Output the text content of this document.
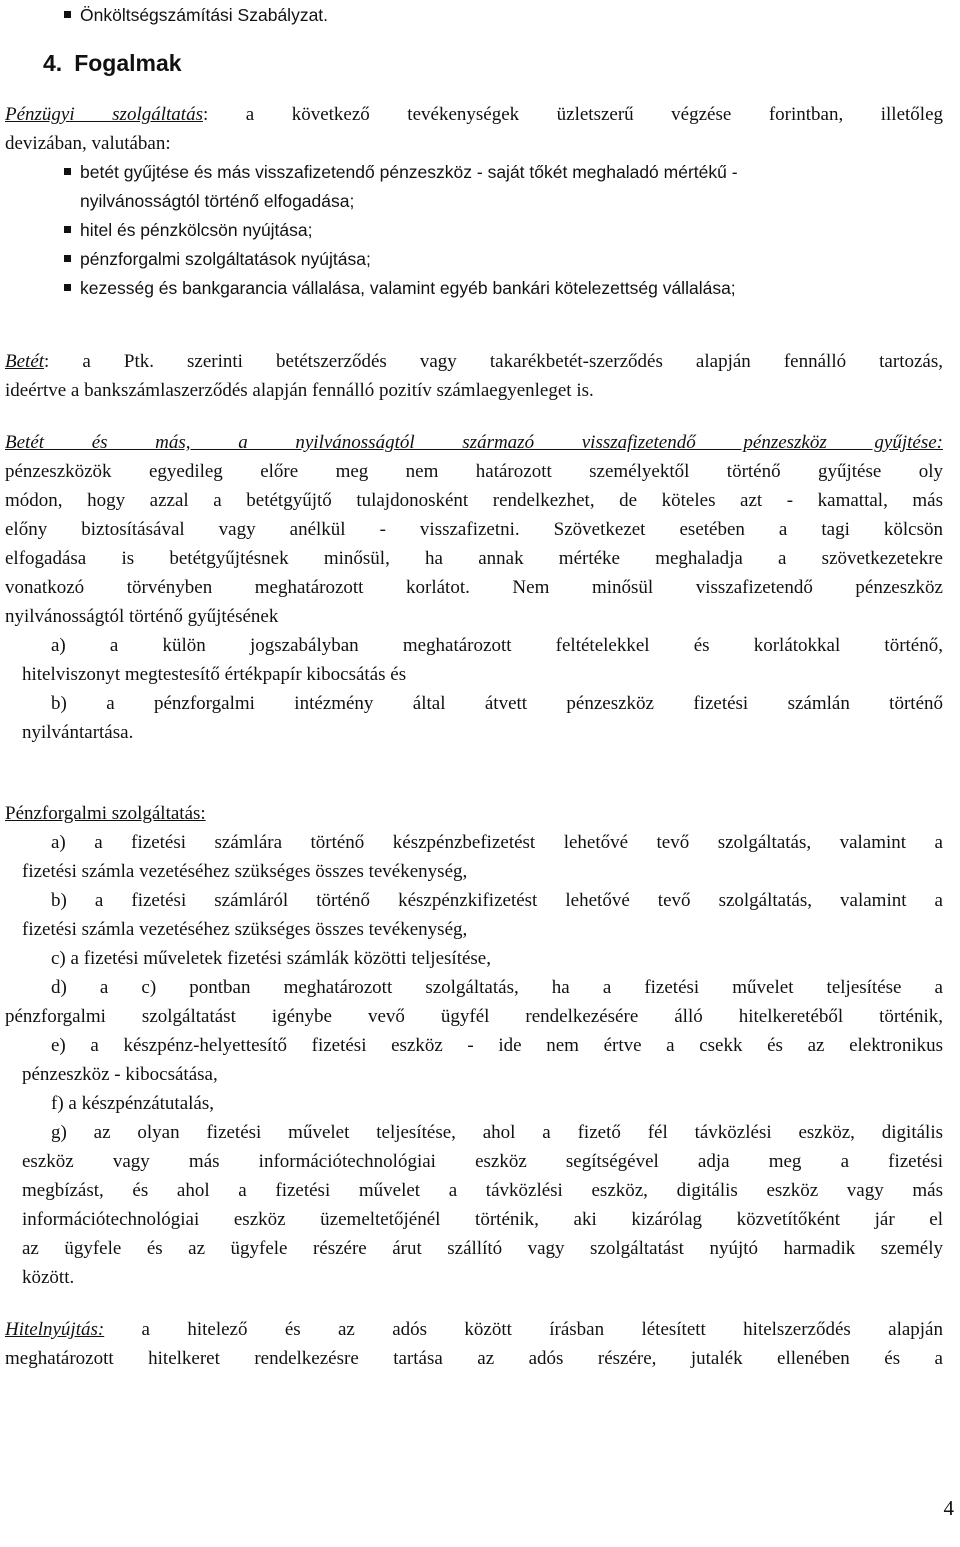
Önköltségszámítási Szabályzat.
4. Fogalmak

Pénzügyi szolgáltatás: a következő tevékenységek üzletszerű végzése forintban, illetőleg

devizában, valutában:

betét gyűjtése és más visszafizetendő pénzeszköz - saját tőkét meghaladó mértékű -
nyilvánosságtól történő elfogadása;
hitel és pénzkölcsön nyújtása;
pénzforgalmi szolgáltatások nyújtása;
kezesség és bankgarancia vállalása, valamint egyéb bankári kötelezettség vállalása;

Betét: a Ptk. szerinti betétszerződés vagy takarékbetét-szerződés alapján fennálló tartozás,

ideértve a bankszámlaszerződés alapján fennálló pozitív számlaegyenleget is.

Betét és más, a nyilvánosságtól származó visszafizetendő pénzeszköz gyűjtése:

pénzeszközök egyedileg előre meg nem határozott személyektől történő gyűjtése oly

módon, hogy azzal a betétgyűjtő tulajdonosként rendelkezhet, de köteles azt - kamattal, más

előny biztosításával vagy anélkül - visszafizetni. Szövetkezet esetében a tagi kölcsön

elfogadása is betétgyűjtésnek minősül, ha annak mértéke meghaladja a szövetkezetekre

vonatkozó törvényben meghatározott korlátot. Nem minősül visszafizetendő pénzeszköz

nyilvánosságtól történő gyűjtésének

a) a külön jogszabályban meghatározott feltételekkel és korlátokkal történő,

hitelviszonyt megtestesítő értékpapír kibocsátás és

b) a pénzforgalmi intézmény által átvett pénzeszköz fizetési számlán történő

nyilvántartása.

Pénzforgalmi szolgáltatás:

a) a fizetési számlára történő készpénzbefizetést lehetővé tevő szolgáltatás, valamint a

fizetési számla vezetéséhez szükséges összes tevékenység,

b) a fizetési számláról történő készpénzkifizetést lehetővé tevő szolgáltatás, valamint a

fizetési számla vezetéséhez szükséges összes tevékenység,

c) a fizetési műveletek fizetési számlák közötti teljesítése,

d) a c) pontban meghatározott szolgáltatás, ha a fizetési művelet teljesítése a

pénzforgalmi szolgáltatást igénybe vevő ügyfél rendelkezésére álló hitelkeretéből történik,

e) a készpénz-helyettesítő fizetési eszköz - ide nem értve a csekk és az elektronikus

pénzeszköz - kibocsátása,

f) a készpénzátutalás,

g) az olyan fizetési művelet teljesítése, ahol a fizető fél távközlési eszköz, digitális

eszköz vagy más információtechnológiai eszköz segítségével adja meg a fizetési

megbízást, és ahol a fizetési művelet a távközlési eszköz, digitális eszköz vagy más

információtechnológiai eszköz üzemeltetőjénél történik, aki kizárólag közvetítőként jár el

az ügyfele és az ügyfele részére árut szállító vagy szolgáltatást nyújtó harmadik személy

között.

Hitelnyújtás: a hitelező és az adós között írásban létesített hitelszerződés alapján

meghatározott hitelkeret rendelkezésre tartása az adós részére, jutalék ellenében és a

4
